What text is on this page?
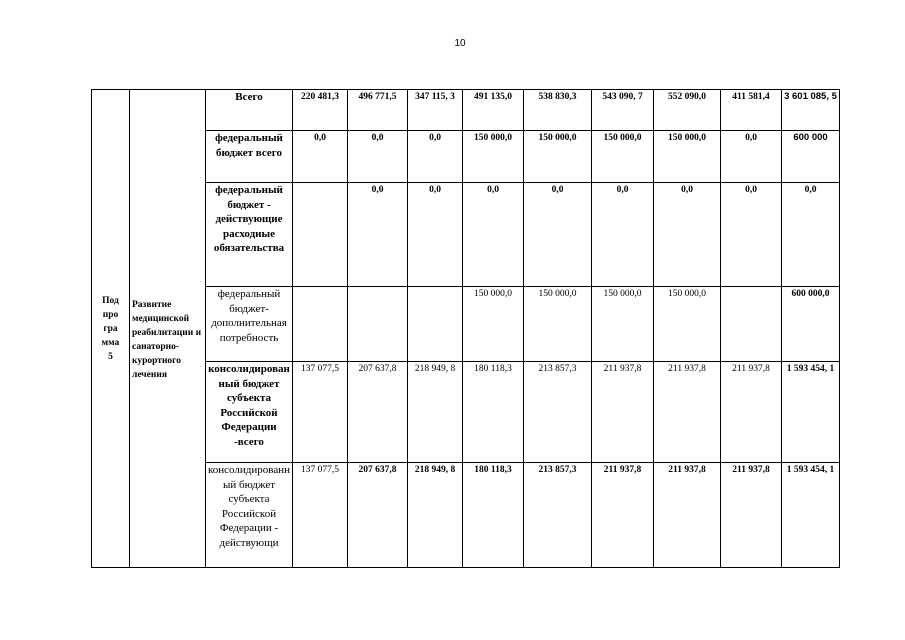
10
Под
про
гра
мма
5	Развитие медицинской реабилитации и санаторно-курортного лечения	Всего	220 481,3	496 771,5	347 115, 3	491 135,0	538 830,3	543 090, 7	552 090,0	411 581,4	3 601 085, 5
		федеральный бюджет всего	0,0	0,0	0,0	150 000,0	150 000,0	150 000,0	150 000,0	0,0	600 000
		федеральный бюджет - действующие расходные обязательства		0,0	0,0	0,0	0,0	0,0	0,0	0,0	0,0
		федеральный бюджет-дополнительная потребность				150 000,0	150 000,0	150 000,0	150 000,0		600 000,0
		консолидированный бюджет субъекта Российской Федерации -всего	137 077,5	207 637,8	218 949, 8	180 118,3	213 857,3	211 937,8	211 937,8	211 937,8	1 593 454, 1
		консолидированный бюджет субъекта Российской Федерации - действующи	137 077,5	207 637,8	218 949, 8	180 118,3	213 857,3	211 937,8	211 937,8	211 937,8	1 593 454, 1
